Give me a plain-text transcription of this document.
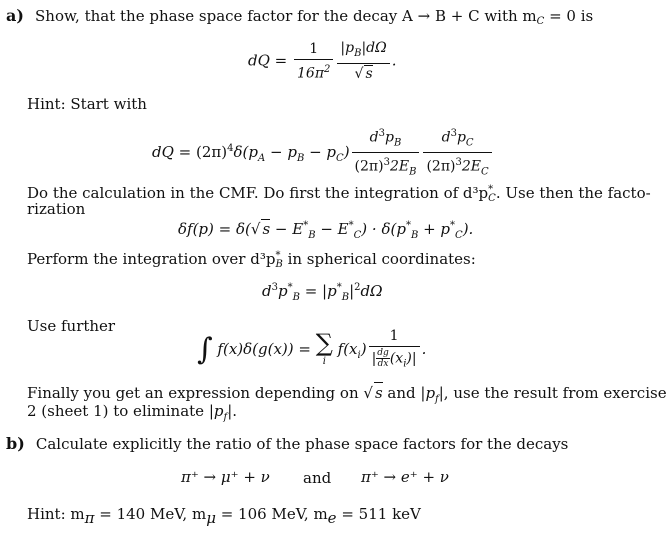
a) Show, that the phase space factor for the decay A → B + C with mC = 0 is
dQ = $\frac{1}{16\pi^2} \frac{|p_B|d\Omega}{√ s}$ .
Hint: Start with
dQ = $(2\pi)^4\delta(p_A - p_B - p_C) \frac{d^3p_B}{(2\pi)^32E_B} \frac{d^3p_C}{(2\pi)^32E_C}$
Do the calculation in the CMF. Do first the integration of $d^3p^*_C$. Use then the facto-
rization
δf(p) = δ(√ $s - E^*_B - E^*_C) \cdot \delta(p^*_B + p^*_C)$.
Perform the integration over $d^3p^*_B$ in spherical coordinates:
$d^3p^*_B = |p^*_B|^2d\Omega$
Use further
∫ f(x)δ(g(x)) = ∑
i
$f(x_i) \frac{1}{| \frac{dg}{dx} (x_i)|}$ .
Finally you get an expression depending on √ s and $|p_f|$, use the result from exercise
2 (sheet 1) to eliminate $|p_f|$.
b) Calculate explicitly the ratio of the phase space factors for the decays
π⁺ → μ⁺ + ν and π⁺ → e⁺ + ν
Hint: $m_\pi = 140$ MeV, $m_\mu = 106$ MeV, $m_e = 511$ keV
